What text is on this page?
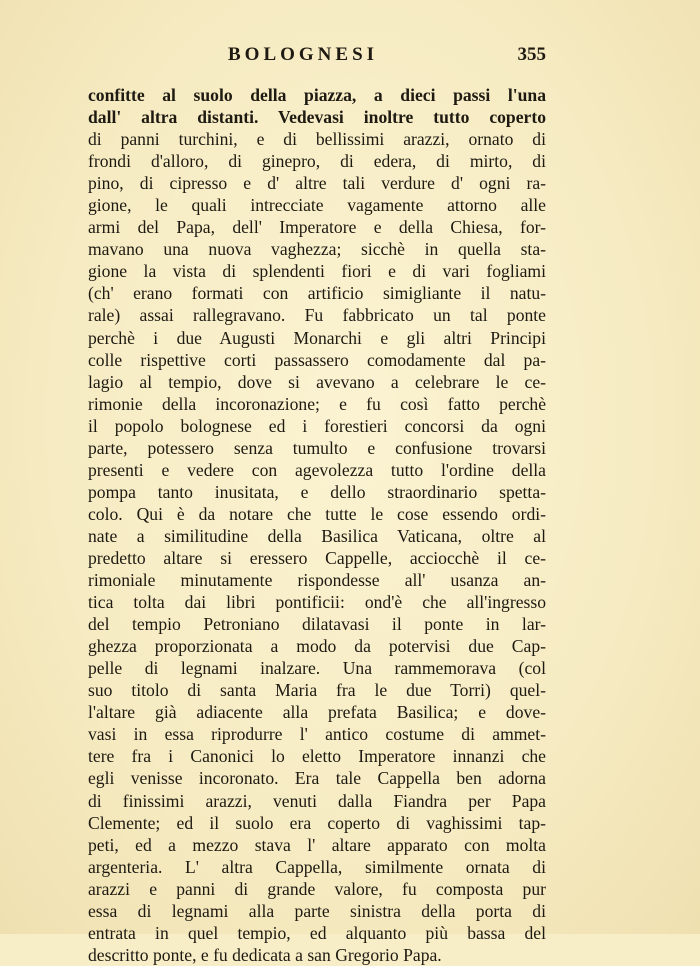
BOLOGNESI	355
confitte al suolo della piazza, a dieci passi l'una
dall' altra distanti. Vedevasi inoltre tutto coperto
di panni turchini, e di bellissimi arazzi, ornato di
frondi d'alloro, di ginepro, di edera, di mirto, di
pino, di cipresso e d' altre tali verdure d' ogni ra-
gione, le quali intrecciate vagamente attorno alle
armi del Papa, dell' Imperatore e della Chiesa, for-
mavano una nuova vaghezza; sicchè in quella sta-
gione la vista di splendenti fiori e di vari fogliami
(ch' erano formati con artificio simigliante il natu-
rale) assai rallegravano. Fu fabbricato un tal ponte
perchè i due Augusti Monarchi e gli altri Principi
colle rispettive corti passassero comodamente dal pa-
lagio al tempio, dove si avevano a celebrare le ce-
rimonie della incoronazione; e fu così fatto perchè
il popolo bolognese ed i forestieri concorsi da ogni
parte, potessero senza tumulto e confusione trovarsi
presenti e vedere con agevolezza tutto l'ordine della
pompa tanto inusitata, e dello straordinario spetta-
colo. Qui è da notare che tutte le cose essendo ordi-
nate a similitudine della Basilica Vaticana, oltre al
predetto altare si eressero Cappelle, acciocchè il ce-
rimoniale minutamente rispondesse all' usanza an-
tica tolta dai libri pontificii: ond'è che all'ingresso
del tempio Petroniano dilatavasi il ponte in lar-
ghezza proporzionata a modo da potervisi due Cap-
pelle di legnami inalzare. Una rammemorava (col
suo titolo di santa Maria fra le due Torri) quel-
l'altare già adiacente alla prefata Basilica; e dove-
vasi in essa riprodurre l' antico costume di ammet-
tere fra i Canonici lo eletto Imperatore innanzi che
egli venisse incoronato. Era tale Cappella ben adorna
di finissimi arazzi, venuti dalla Fiandra per Papa
Clemente; ed il suolo era coperto di vaghissimi tap-
peti, ed a mezzo stava l' altare apparato con molta
argenteria. L' altra Cappella, similmente ornata di
arazzi e panni di grande valore, fu composta pur
essa di legnami alla parte sinistra della porta di
entrata in quel tempio, ed alquanto più bassa del
descritto ponte, e fu dedicata a san Gregorio Papa.
